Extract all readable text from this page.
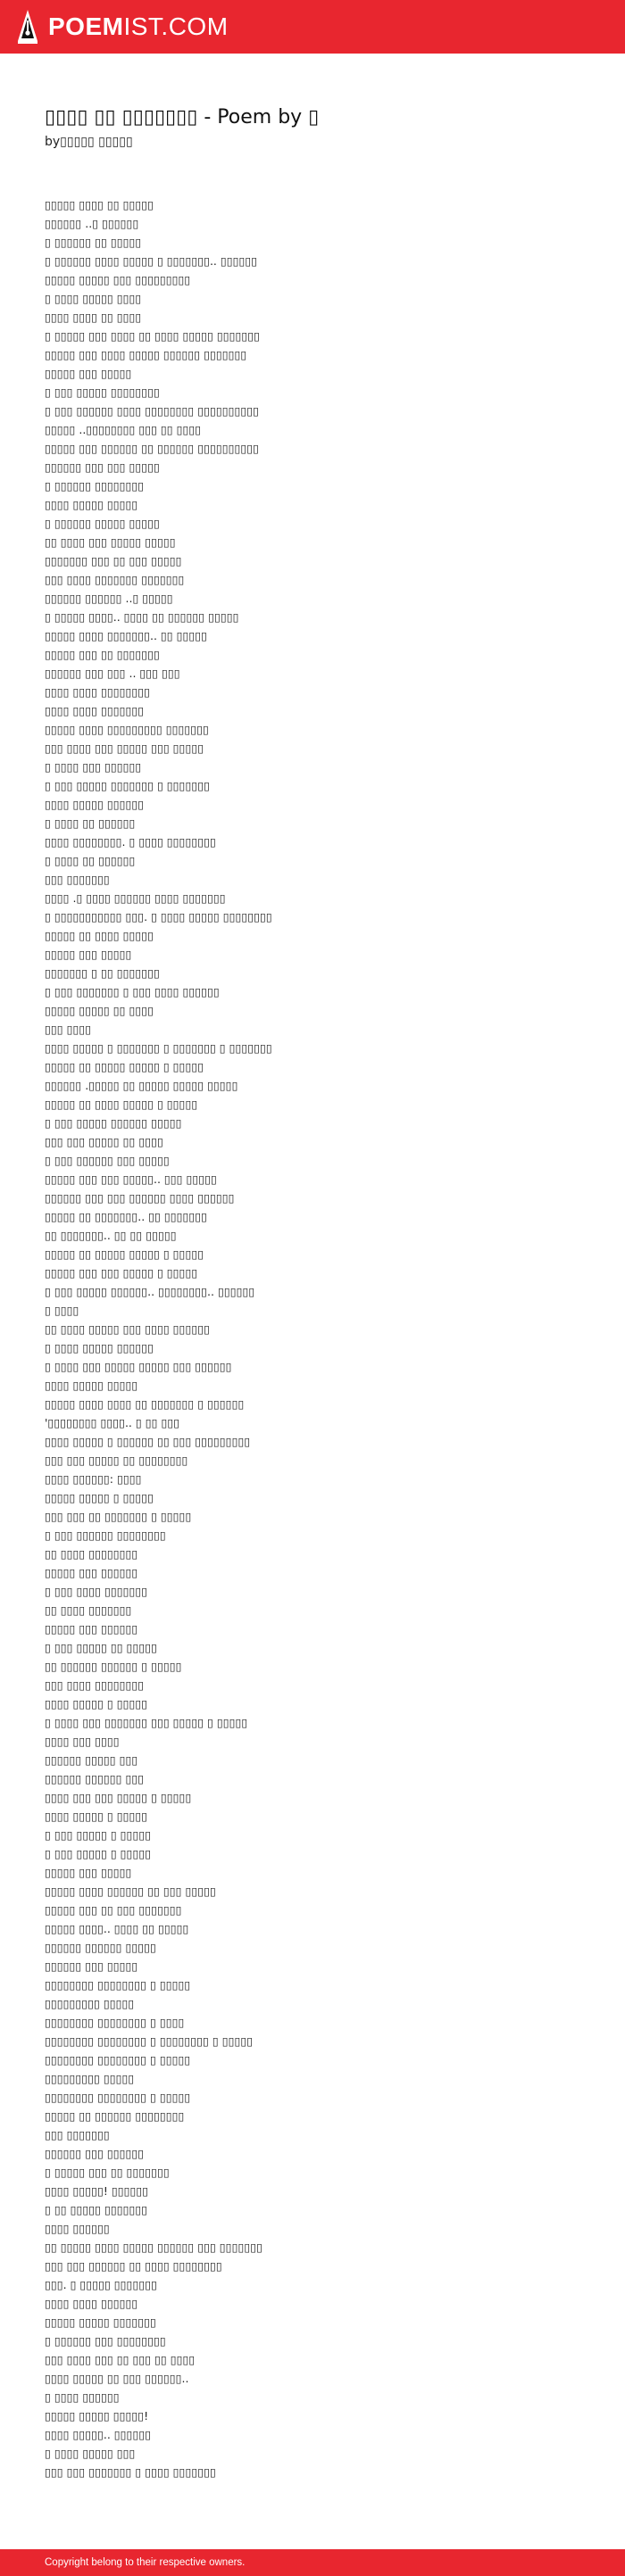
POEMIST.COM
▯▯▯▯ ▯▯ ▯▯▯▯▯▯▯ - Poem by ▯
by▯▯▯▯▯ ▯▯▯▯▯
▯▯▯▯▯ ▯▯▯▯ ▯▯ ▯▯▯▯▯
▯▯▯▯▯▯ ..▯ ▯▯▯▯▯▯
▯ ▯▯▯▯▯▯ ▯▯ ▯▯▯▯▯
▯ ▯▯▯▯▯▯ ▯▯▯▯ ▯▯▯▯▯ ▯ ▯▯▯▯▯▯▯.. ▯▯▯▯▯▯
▯▯▯▯▯ ▯▯▯▯▯ ▯▯▯ ▯▯▯▯▯▯▯▯▯
▯ ▯▯▯▯ ▯▯▯▯▯ ▯▯▯▯
▯▯▯▯ ▯▯▯▯ ▯▯ ▯▯▯▯
▯ ▯▯▯▯▯ ▯▯▯ ▯▯▯▯ ▯▯ ▯▯▯▯ ▯▯▯▯▯ ▯▯▯▯▯▯▯
▯▯▯▯▯ ▯▯▯ ▯▯▯▯ ▯▯▯▯▯ ▯▯▯▯▯▯ ▯▯▯▯▯▯▯
▯▯▯▯▯ ▯▯▯ ▯▯▯▯▯
▯ ▯▯▯ ▯▯▯▯▯ ▯▯▯▯▯▯▯▯
▯ ▯▯▯ ▯▯▯▯▯▯ ▯▯▯▯ ▯▯▯▯▯▯▯▯ ▯▯▯▯▯▯▯▯▯▯
▯▯▯▯▯ ..▯▯▯▯▯▯▯▯ ▯▯▯ ▯▯ ▯▯▯▯
▯▯▯▯▯ ▯▯▯ ▯▯▯▯▯▯ ▯▯ ▯▯▯▯▯▯ ▯▯▯▯▯▯▯▯▯▯
▯▯▯▯▯▯ ▯▯▯ ▯▯▯ ▯▯▯▯▯
▯ ▯▯▯▯▯▯ ▯▯▯▯▯▯▯▯
▯▯▯▯ ▯▯▯▯▯ ▯▯▯▯▯
▯ ▯▯▯▯▯▯ ▯▯▯▯▯ ▯▯▯▯▯
▯▯ ▯▯▯▯ ▯▯▯ ▯▯▯▯▯ ▯▯▯▯▯
▯▯▯▯▯▯▯ ▯▯▯ ▯▯ ▯▯▯ ▯▯▯▯▯
▯▯▯ ▯▯▯▯ ▯▯▯▯▯▯▯ ▯▯▯▯▯▯▯
▯▯▯▯▯▯ ▯▯▯▯▯▯ ..▯ ▯▯▯▯▯
▯ ▯▯▯▯▯ ▯▯▯▯.. ▯▯▯▯ ▯▯ ▯▯▯▯▯▯ ▯▯▯▯▯
▯▯▯▯▯ ▯▯▯▯ ▯▯▯▯▯▯▯.. ▯▯ ▯▯▯▯▯
▯▯▯▯▯ ▯▯▯ ▯▯ ▯▯▯▯▯▯▯
▯▯▯▯▯▯ ▯▯▯ ▯▯▯ .. ▯▯▯ ▯▯▯
▯▯▯▯ ▯▯▯▯ ▯▯▯▯▯▯▯▯
▯▯▯▯ ▯▯▯▯ ▯▯▯▯▯▯▯
▯▯▯▯▯ ▯▯▯▯ ▯▯▯▯▯▯▯▯▯ ▯▯▯▯▯▯▯
▯▯▯ ▯▯▯▯ ▯▯▯ ▯▯▯▯▯ ▯▯▯ ▯▯▯▯▯
▯ ▯▯▯▯ ▯▯▯ ▯▯▯▯▯▯
▯ ▯▯▯ ▯▯▯▯▯ ▯▯▯▯▯▯▯ ▯ ▯▯▯▯▯▯▯
▯▯▯▯ ▯▯▯▯▯ ▯▯▯▯▯▯
▯ ▯▯▯▯ ▯▯ ▯▯▯▯▯▯
▯▯▯▯ ▯▯▯▯▯▯▯▯. ▯ ▯▯▯▯ ▯▯▯▯▯▯▯▯
▯ ▯▯▯▯ ▯▯ ▯▯▯▯▯▯
▯▯▯ ▯▯▯▯▯▯▯
▯▯▯▯ .▯ ▯▯▯▯ ▯▯▯▯▯▯ ▯▯▯▯ ▯▯▯▯▯▯▯
▯ ▯▯▯▯▯▯▯▯▯▯▯ ▯▯▯. ▯ ▯▯▯▯ ▯▯▯▯▯ ▯▯▯▯▯▯▯▯
▯▯▯▯▯ ▯▯ ▯▯▯▯ ▯▯▯▯▯
▯▯▯▯▯ ▯▯▯ ▯▯▯▯▯
▯▯▯▯▯▯▯ ▯ ▯▯ ▯▯▯▯▯▯▯
▯ ▯▯▯ ▯▯▯▯▯▯▯ ▯ ▯▯▯ ▯▯▯▯ ▯▯▯▯▯▯
▯▯▯▯▯ ▯▯▯▯▯ ▯▯ ▯▯▯▯
▯▯▯ ▯▯▯▯
▯▯▯▯ ▯▯▯▯▯ ▯ ▯▯▯▯▯▯▯ ▯ ▯▯▯▯▯▯▯ ▯ ▯▯▯▯▯▯▯
▯▯▯▯▯ ▯▯ ▯▯▯▯▯ ▯▯▯▯▯ ▯ ▯▯▯▯▯
▯▯▯▯▯▯ .▯▯▯▯▯ ▯▯ ▯▯▯▯▯ ▯▯▯▯▯ ▯▯▯▯▯
▯▯▯▯▯ ▯▯ ▯▯▯▯ ▯▯▯▯▯ ▯ ▯▯▯▯▯
▯ ▯▯▯ ▯▯▯▯▯ ▯▯▯▯▯▯ ▯▯▯▯▯
▯▯▯ ▯▯▯ ▯▯▯▯▯ ▯▯ ▯▯▯▯
▯ ▯▯▯ ▯▯▯▯▯▯ ▯▯▯ ▯▯▯▯▯
▯▯▯▯▯ ▯▯▯ ▯▯▯ ▯▯▯▯▯.. ▯▯▯ ▯▯▯▯▯
▯▯▯▯▯▯ ▯▯▯ ▯▯▯ ▯▯▯▯▯▯ ▯▯▯▯ ▯▯▯▯▯▯
▯▯▯▯▯ ▯▯ ▯▯▯▯▯▯▯.. ▯▯ ▯▯▯▯▯▯▯
▯▯ ▯▯▯▯▯▯▯.. ▯▯ ▯▯ ▯▯▯▯▯
▯▯▯▯▯ ▯▯ ▯▯▯▯▯ ▯▯▯▯▯ ▯ ▯▯▯▯▯
▯▯▯▯▯ ▯▯▯ ▯▯▯ ▯▯▯▯▯ ▯ ▯▯▯▯▯
▯ ▯▯▯ ▯▯▯▯▯ ▯▯▯▯▯▯.. ▯▯▯▯▯▯▯▯.. ▯▯▯▯▯▯
▯ ▯▯▯▯
▯▯ ▯▯▯▯ ▯▯▯▯▯ ▯▯▯ ▯▯▯▯ ▯▯▯▯▯▯
▯ ▯▯▯▯ ▯▯▯▯▯ ▯▯▯▯▯▯
▯ ▯▯▯▯ ▯▯▯ ▯▯▯▯▯ ▯▯▯▯▯ ▯▯▯ ▯▯▯▯▯▯
▯▯▯▯ ▯▯▯▯▯ ▯▯▯▯▯
▯▯▯▯▯ ▯▯▯▯ ▯▯▯▯ ▯▯ ▯▯▯▯▯▯▯ ▯ ▯▯▯▯▯▯
'▯▯▯▯▯▯▯▯ ▯▯▯▯.. ▯ ▯▯ ▯▯▯
▯▯▯▯ ▯▯▯▯▯ ▯ ▯▯▯▯▯▯ ▯▯ ▯▯▯ ▯▯▯▯▯▯▯▯▯
▯▯▯ ▯▯▯ ▯▯▯▯▯ ▯▯ ▯▯▯▯▯▯▯▯
▯▯▯▯ ▯▯▯▯▯▯: ▯▯▯▯
▯▯▯▯▯ ▯▯▯▯▯ ▯ ▯▯▯▯▯
▯▯▯ ▯▯▯ ▯▯ ▯▯▯▯▯▯▯ ▯ ▯▯▯▯▯
▯ ▯▯▯ ▯▯▯▯▯▯ ▯▯▯▯▯▯▯▯
▯▯ ▯▯▯▯ ▯▯▯▯▯▯▯▯
▯▯▯▯▯ ▯▯▯ ▯▯▯▯▯▯
▯ ▯▯▯ ▯▯▯▯ ▯▯▯▯▯▯▯
▯▯ ▯▯▯▯ ▯▯▯▯▯▯▯
▯▯▯▯▯ ▯▯▯ ▯▯▯▯▯▯
▯ ▯▯▯ ▯▯▯▯▯ ▯▯ ▯▯▯▯▯
▯▯ ▯▯▯▯▯▯ ▯▯▯▯▯▯ ▯ ▯▯▯▯▯
▯▯▯ ▯▯▯▯ ▯▯▯▯▯▯▯▯
▯▯▯▯ ▯▯▯▯▯ ▯ ▯▯▯▯▯
▯ ▯▯▯▯ ▯▯▯ ▯▯▯▯▯▯▯ ▯▯▯ ▯▯▯▯▯ ▯ ▯▯▯▯▯
▯▯▯▯ ▯▯▯ ▯▯▯▯
▯▯▯▯▯▯ ▯▯▯▯▯ ▯▯▯
▯▯▯▯▯▯ ▯▯▯▯▯▯ ▯▯▯
▯▯▯▯ ▯▯▯ ▯▯▯ ▯▯▯▯▯ ▯ ▯▯▯▯▯
▯▯▯▯ ▯▯▯▯▯ ▯ ▯▯▯▯▯
▯ ▯▯▯ ▯▯▯▯▯ ▯ ▯▯▯▯▯
▯ ▯▯▯ ▯▯▯▯▯ ▯ ▯▯▯▯▯
▯▯▯▯▯ ▯▯▯ ▯▯▯▯▯
▯▯▯▯▯ ▯▯▯▯ ▯▯▯▯▯▯ ▯▯ ▯▯▯ ▯▯▯▯▯
▯▯▯▯▯ ▯▯▯ ▯▯ ▯▯▯ ▯▯▯▯▯▯▯
▯▯▯▯▯ ▯▯▯▯.. ▯▯▯▯ ▯▯ ▯▯▯▯▯
▯▯▯▯▯▯ ▯▯▯▯▯▯ ▯▯▯▯▯
▯▯▯▯▯▯ ▯▯▯ ▯▯▯▯▯
▯▯▯▯▯▯▯▯ ▯▯▯▯▯▯▯▯ ▯ ▯▯▯▯▯
▯▯▯▯▯▯▯▯▯ ▯▯▯▯▯
▯▯▯▯▯▯▯▯ ▯▯▯▯▯▯▯▯ ▯ ▯▯▯▯
▯▯▯▯▯▯▯▯ ▯▯▯▯▯▯▯▯ ▯ ▯▯▯▯▯▯▯▯ ▯ ▯▯▯▯▯
▯▯▯▯▯▯▯▯ ▯▯▯▯▯▯▯▯ ▯ ▯▯▯▯▯
▯▯▯▯▯▯▯▯▯ ▯▯▯▯▯
▯▯▯▯▯▯▯▯ ▯▯▯▯▯▯▯▯ ▯ ▯▯▯▯▯
▯▯▯▯▯ ▯▯ ▯▯▯▯▯▯ ▯▯▯▯▯▯▯▯
▯▯▯ ▯▯▯▯▯▯▯
▯▯▯▯▯▯ ▯▯▯ ▯▯▯▯▯▯
▯ ▯▯▯▯▯ ▯▯▯ ▯▯ ▯▯▯▯▯▯▯
▯▯▯▯ ▯▯▯▯▯! ▯▯▯▯▯▯
▯ ▯▯ ▯▯▯▯▯ ▯▯▯▯▯▯▯
▯▯▯▯ ▯▯▯▯▯▯
▯▯ ▯▯▯▯▯ ▯▯▯▯ ▯▯▯▯▯ ▯▯▯▯▯▯ ▯▯▯ ▯▯▯▯▯▯▯
▯▯▯ ▯▯▯ ▯▯▯▯▯▯ ▯▯ ▯▯▯▯ ▯▯▯▯▯▯▯▯
▯▯▯. ▯ ▯▯▯▯▯ ▯▯▯▯▯▯▯
▯▯▯▯ ▯▯▯▯ ▯▯▯▯▯▯
▯▯▯▯▯ ▯▯▯▯▯ ▯▯▯▯▯▯▯
▯ ▯▯▯▯▯▯ ▯▯▯ ▯▯▯▯▯▯▯▯
▯▯▯ ▯▯▯▯ ▯▯▯ ▯▯ ▯▯▯ ▯▯ ▯▯▯▯
▯▯▯▯ ▯▯▯▯▯ ▯▯ ▯▯▯ ▯▯▯▯▯▯..
▯ ▯▯▯▯ ▯▯▯▯▯▯
▯▯▯▯▯ ▯▯▯▯▯ ▯▯▯▯▯!
▯▯▯▯ ▯▯▯▯▯.. ▯▯▯▯▯▯
▯ ▯▯▯▯ ▯▯▯▯▯ ▯▯▯
▯▯▯ ▯▯▯ ▯▯▯▯▯▯▯ ▯ ▯▯▯▯ ▯▯▯▯▯▯▯
Copyright belong to their respective owners.
